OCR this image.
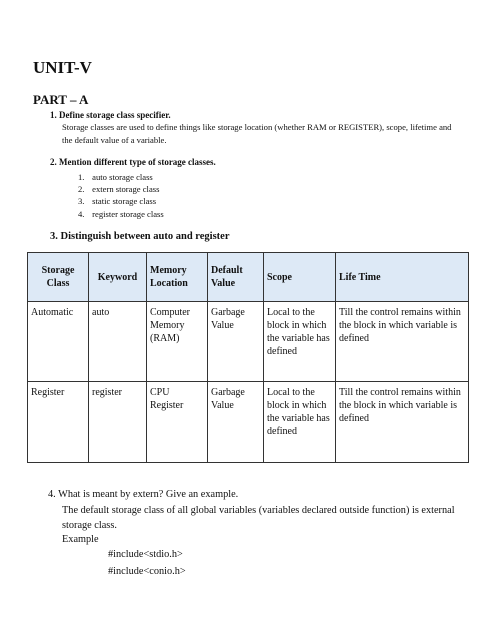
UNIT-V
PART – A
1. Define storage class specifier.
Storage classes are used to define things like storage location (whether RAM or REGISTER), scope, lifetime and the default value of a variable.
2. Mention different type of storage classes.
1. auto storage class
2. extern storage class
3. static storage class
4. register storage class
3. Distinguish between auto and register
Storage Class	Keyword	Memory Location	Default Value	Scope	Life Time
Automatic	auto	Computer Memory (RAM)	Garbage Value	Local to the block in which the variable has defined	Till the control remains within the block in which variable is defined
Register	register	CPU Register	Garbage Value	Local to the block in which the variable has defined	Till the control remains within the block in which variable is defined
4. What is meant by extern? Give an example.
The default storage class of all global variables (variables declared outside function) is external storage class.
Example
#include<stdio.h>
#include<conio.h>
